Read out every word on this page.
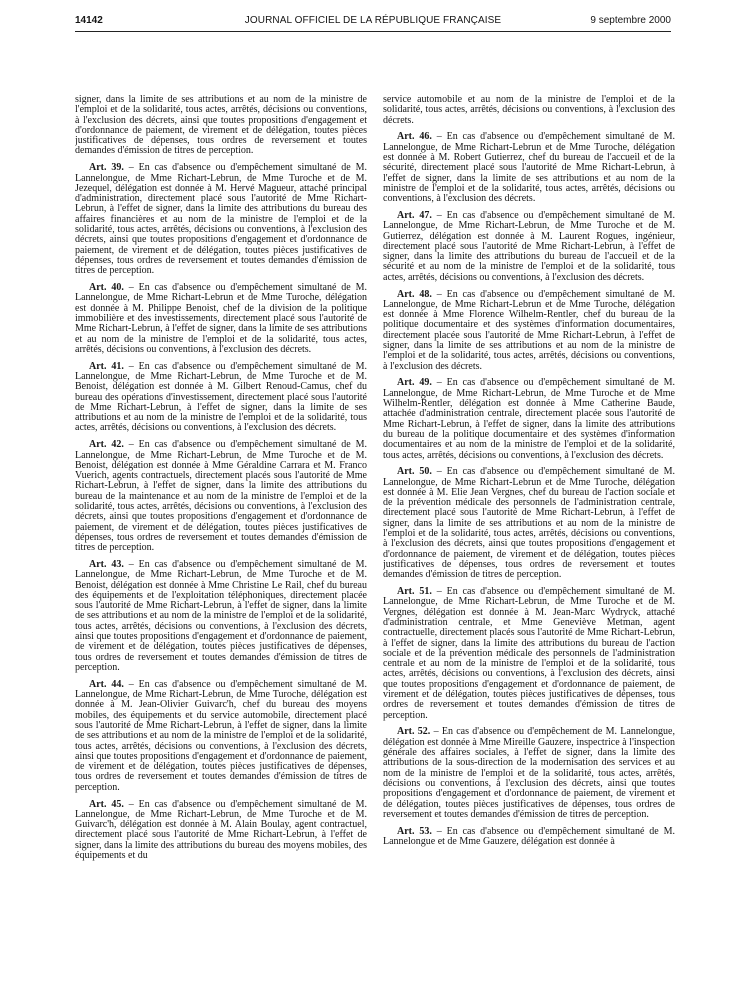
14142	JOURNAL OFFICIEL DE LA RÉPUBLIQUE FRANÇAISE	9 septembre 2000

signer, dans la limite de ses attributions et au nom de la ministre de l'emploi et de la solidarité, tous actes, arrêtés, décisions ou conventions, à l'exclusion des décrets, ainsi que toutes propositions d'engagement et d'ordonnance de paiement, de virement et de délégation, toutes pièces justificatives de dépenses, tous ordres de reversement et toutes demandes d'émission de titres de perception.

Art. 39. – En cas d'absence ou d'empêchement simultané de M. Lannelongue, de Mme Richart-Lebrun, de Mme Turoche et de M. Jezequel, délégation est donnée à M. Hervé Magueur, attaché principal d'administration, directement placé sous l'autorité de Mme Richart-Lebrun, à l'effet de signer, dans la limite des attributions du bureau des affaires financières et au nom de la ministre de l'emploi et de la solidarité, tous actes, arrêtés, décisions ou conventions, à l'exclusion des décrets, ainsi que toutes propositions d'engagement et d'ordonnance de paiement, de virement et de délégation, toutes pièces justificatives de dépenses, tous ordres de reversement et toutes demandes d'émission de titres de perception.

Art. 40. – En cas d'absence ou d'empêchement simultané de M. Lannelongue, de Mme Richart-Lebrun et de Mme Turoche, délégation est donnée à M. Philippe Benoist, chef de la division de la politique immobilière et des investissements, directement placé sous l'autorité de Mme Richart-Lebrun, à l'effet de signer, dans la limite de ses attributions et au nom de la ministre de l'emploi et de la solidarité, tous actes, arrêtés, décisions ou conventions, à l'exclusion des décrets.

Art. 41. – En cas d'absence ou d'empêchement simultané de M. Lannelongue, de Mme Richart-Lebrun, de Mme Turoche et de M. Benoist, délégation est donnée à M. Gilbert Renoud-Camus, chef du bureau des opérations d'investissement, directement placé sous l'autorité de Mme Richart-Lebrun, à l'effet de signer, dans la limite de ses attributions et au nom de la ministre de l'emploi et de la solidarité, tous actes, arrêtés, décisions ou conventions, à l'exclusion des décrets.

Art. 42. – En cas d'absence ou d'empêchement simultané de M. Lannelongue, de Mme Richart-Lebrun, de Mme Turoche et de M. Benoist, délégation est donnée à Mme Géraldine Carrara et M. Franco Vuerich, agents contractuels, directement placés sous l'autorité de Mme Richart-Lebrun, à l'effet de signer, dans la limite des attributions du bureau de la maintenance et au nom de la ministre de l'emploi et de la solidarité, tous actes, arrêtés, décisions ou conventions, à l'exclusion des décrets, ainsi que toutes propositions d'engagement et d'ordonnance de paiement, de virement et de délégation, toutes pièces justificatives de dépenses, tous ordres de reversement et toutes demandes d'émission de titres de perception.

Art. 43. – En cas d'absence ou d'empêchement simultané de M. Lannelongue, de Mme Richart-Lebrun, de Mme Turoche et de M. Benoist, délégation est donnée à Mme Christine Le Rail, chef du bureau des équipements et de l'exploitation téléphoniques, directement placée sous l'autorité de Mme Richart-Lebrun, à l'effet de signer, dans la limite de ses attributions et au nom de la ministre de l'emploi et de la solidarité, tous actes, arrêtés, décisions ou conventions, à l'exclusion des décrets, ainsi que toutes propositions d'engagement et d'ordonnance de paiement, de virement et de délégation, toutes pièces justificatives de dépenses, tous ordres de reversement et toutes demandes d'émission de titres de perception.

Art. 44. – En cas d'absence ou d'empêchement simultané de M. Lannelongue, de Mme Richart-Lebrun, de Mme Turoche, délégation est donnée à M. Jean-Olivier Guivarc'h, chef du bureau des moyens mobiles, des équipements et du service automobile, directement placé sous l'autorité de Mme Richart-Lebrun, à l'effet de signer, dans la limite de ses attributions et au nom de la ministre de l'emploi et de la solidarité, tous actes, arrêtés, décisions ou conventions, à l'exclusion des décrets, ainsi que toutes propositions d'engagement et d'ordonnance de paiement, de virement et de délégation, toutes pièces justificatives de dépenses, tous ordres de reversement et toutes demandes d'émission de titres de perception.

Art. 45. – En cas d'absence ou d'empêchement simultané de M. Lannelongue, de Mme Richart-Lebrun, de Mme Turoche et de M. Guivarc'h, délégation est donnée à M. Alain Boulay, agent contractuel, directement placé sous l'autorité de Mme Richart-Lebrun, à l'effet de signer, dans la limite des attributions du bureau des moyens mobiles, des équipements et du

service automobile et au nom de la ministre de l'emploi et de la solidarité, tous actes, arrêtés, décisions ou conventions, à l'exclusion des décrets.

Art. 46. – En cas d'absence ou d'empêchement simultané de M. Lannelongue, de Mme Richart-Lebrun et de Mme Turoche, délégation est donnée à M. Robert Gutierrez, chef du bureau de l'accueil et de la sécurité, directement placé sous l'autorité de Mme Richart-Lebrun, à l'effet de signer, dans la limite de ses attributions et au nom de la ministre de l'emploi et de la solidarité, tous actes, arrêtés, décisions ou conventions, à l'exclusion des décrets.

Art. 47. – En cas d'absence ou d'empêchement simultané de M. Lannelongue, de Mme Richart-Lebrun, de Mme Turoche et de M. Gutierrez, délégation est donnée à M. Laurent Rogues, ingénieur, directement placé sous l'autorité de Mme Richart-Lebrun, à l'effet de signer, dans la limite des attributions du bureau de l'accueil et de la sécurité et au nom de la ministre de l'emploi et de la solidarité, tous actes, arrêtés, décisions ou conventions, à l'exclusion des décrets.

Art. 48. – En cas d'absence ou d'empêchement simultané de M. Lannelongue, de Mme Richart-Lebrun et de Mme Turoche, délégation est donnée à Mme Florence Wilhelm-Rentler, chef du bureau de la politique documentaire et des systèmes d'information documentaires, directement placée sous l'autorité de Mme Richart-Lebrun, à l'effet de signer, dans la limite de ses attributions et au nom de la ministre de l'emploi et de la solidarité, tous actes, arrêtés, décisions ou conventions, à l'exclusion des décrets.

Art. 49. – En cas d'absence ou d'empêchement simultané de M. Lannelongue, de Mme Richart-Lebrun, de Mme Turoche et de Mme Wilhelm-Rentler, délégation est donnée à Mme Catherine Baude, attachée d'administration centrale, directement placée sous l'autorité de Mme Richart-Lebrun, à l'effet de signer, dans la limite des attributions du bureau de la politique documentaire et des systèmes d'information documentaires et au nom de la ministre de l'emploi et de la solidarité, tous actes, arrêtés, décisions ou conventions, à l'exclusion des décrets.

Art. 50. – En cas d'absence ou d'empêchement simultané de M. Lannelongue, de Mme Richart-Lebrun et de Mme Turoche, délégation est donnée à M. Elie Jean Vergnes, chef du bureau de l'action sociale et de la prévention médicale des personnels de l'administration centrale, directement placé sous l'autorité de Mme Richart-Lebrun, à l'effet de signer, dans la limite de ses attributions et au nom de la ministre de l'emploi et de la solidarité, tous actes, arrêtés, décisions ou conventions, à l'exclusion des décrets, ainsi que toutes propositions d'engagement et d'ordonnance de paiement, de virement et de délégation, toutes pièces justificatives de dépenses, tous ordres de reversement et toutes demandes d'émission de titres de perception.

Art. 51. – En cas d'absence ou d'empêchement simultané de M. Lannelongue, de Mme Richart-Lebrun, de Mme Turoche et de M. Vergnes, délégation est donnée à M. Jean-Marc Wydryck, attaché d'administration centrale, et Mme Geneviève Metman, agent contractuelle, directement placés sous l'autorité de Mme Richart-Lebrun, à l'effet de signer, dans la limite des attributions du bureau de l'action sociale et de la prévention médicale des personnels de l'administration centrale et au nom de la ministre de l'emploi et de la solidarité, tous actes, arrêtés, décisions ou conventions, à l'exclusion des décrets, ainsi que toutes propositions d'engagement et d'ordonnance de paiement, de virement et de délégation, toutes pièces justificatives de dépenses, tous ordres de reversement et toutes demandes d'émission de titres de perception.

Art. 52. – En cas d'absence ou d'empêchement de M. Lannelongue, délégation est donnée à Mme Mireille Gauzere, inspectrice à l'inspection générale des affaires sociales, à l'effet de signer, dans la limite des attributions de la sous-direction de la modernisation des services et au nom de la ministre de l'emploi et de la solidarité, tous actes, arrêtés, décisions ou conventions, à l'exclusion des décrets, ainsi que toutes propositions d'engagement et d'ordonnance de paiement, de virement et de délégation, toutes pièces justificatives de dépenses, tous ordres de reversement et toutes demandes d'émission de titres de perception.

Art. 53. – En cas d'absence ou d'empêchement simultané de M. Lannelongue et de Mme Gauzere, délégation est donnée à
